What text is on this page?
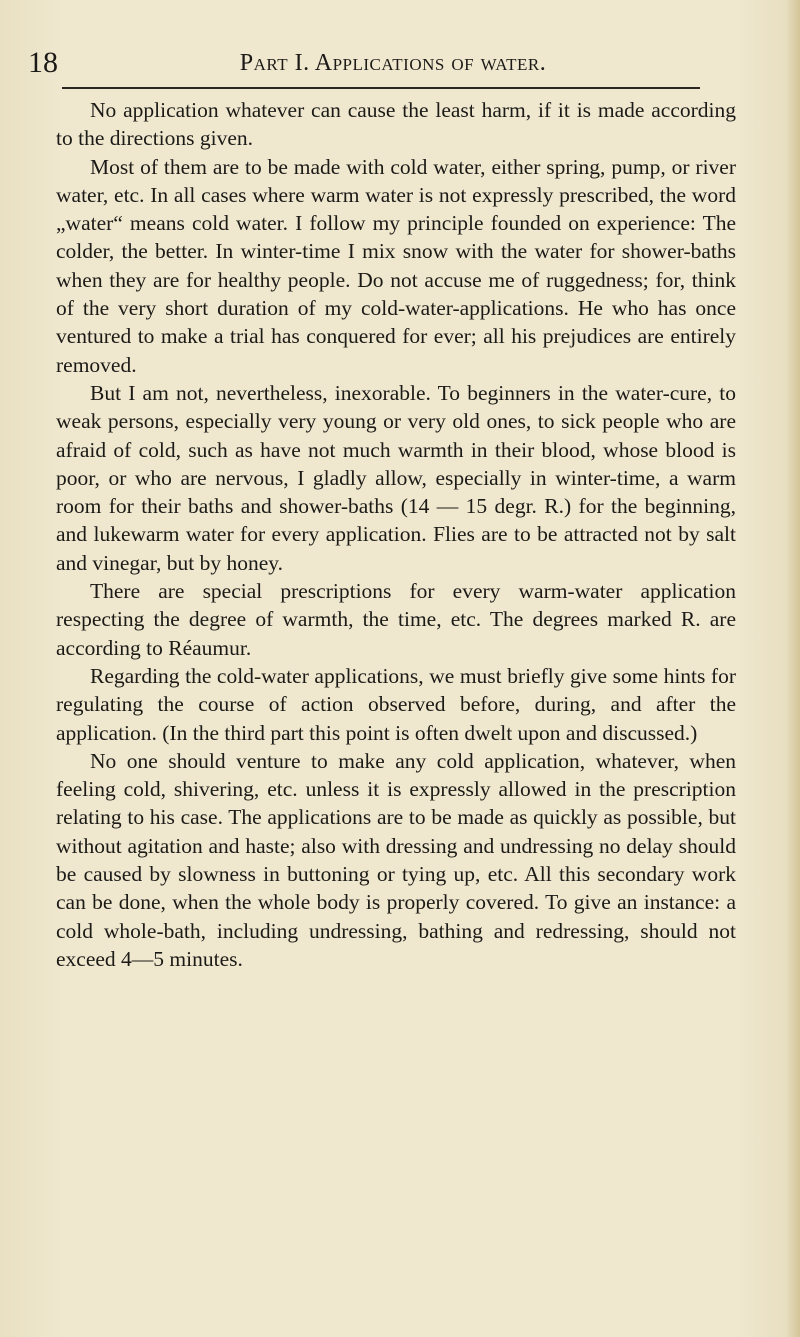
18	Part I. Applications of water.

No application whatever can cause the least harm, if it is made according to the directions given.

Most of them are to be made with cold water, either spring, pump, or river water, etc. In all cases where warm water is not expressly prescribed, the word „water“ means cold water. I follow my principle founded on experience: The colder, the better. In winter-time I mix snow with the water for shower-baths when they are for healthy people. Do not accuse me of ruggedness; for, think of the very short duration of my cold-water-applications. He who has once ventured to make a trial has conquered for ever; all his prejudices are entirely removed.

But I am not, nevertheless, inexorable. To beginners in the water-cure, to weak persons, especially very young or very old ones, to sick people who are afraid of cold, such as have not much warmth in their blood, whose blood is poor, or who are nervous, I gladly allow, especially in winter-time, a warm room for their baths and shower-baths (14 — 15 degr. R.) for the beginning, and lukewarm water for every application. Flies are to be attracted not by salt and vinegar, but by honey.

There are special prescriptions for every warm-water application respecting the degree of warmth, the time, etc. The degrees marked R. are according to Réaumur.

Regarding the cold-water applications, we must briefly give some hints for regulating the course of action observed before, during, and after the application. (In the third part this point is often dwelt upon and discussed.)

No one should venture to make any cold application, whatever, when feeling cold, shivering, etc. unless it is expressly allowed in the prescription relating to his case. The applications are to be made as quickly as possible, but without agitation and haste; also with dressing and undressing no delay should be caused by slowness in buttoning or tying up, etc. All this secondary work can be done, when the whole body is properly covered. To give an instance: a cold whole-bath, including undressing, bathing and redressing, should not exceed 4—5 minutes.
